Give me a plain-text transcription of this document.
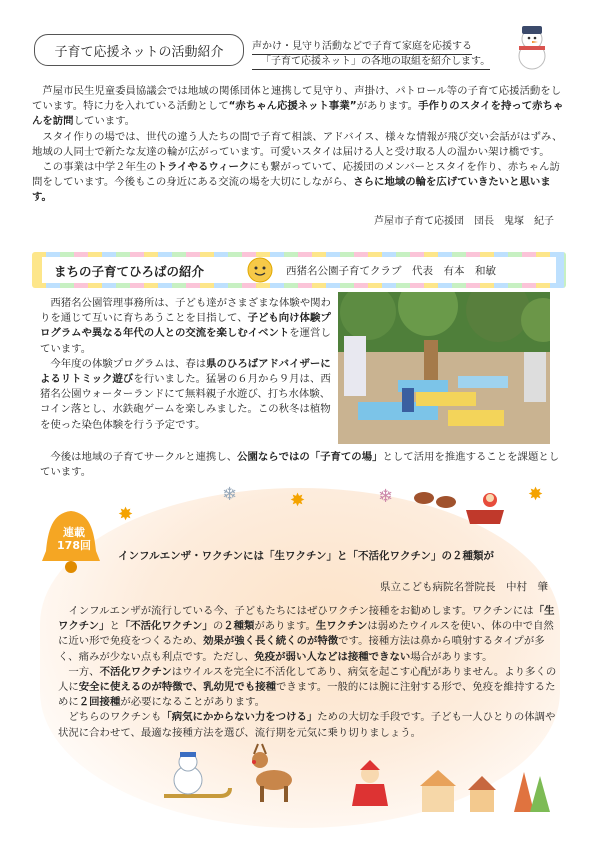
子育て応援ネットの活動紹介	声かけ・見守り活動などで子育て家庭を応援する
「子育て応援ネット」の各地の取組を紹介します。
　芦屋市民生児童委員協議会では地域の関係団体と連携して見守り、声掛け、パトロール等の子育て応援活動をしています。特に力を入れている活動として“赤ちゃん応援ネット事業”があります。手作りのスタイを持って赤ちゃんを訪問しています。
　スタイ作りの場では、世代の違う人たちの間で子育て相談、アドバイス、様々な情報が飛び交い会話がはずみ、地域の人同士で新たな友達の輪が広がっています。可愛いスタイは届ける人と受け取る人の温かい架け橋です。
　この事業は中学２年生のトライやるウィークにも繋がっていて、応援団のメンバーとスタイを作り、赤ちゃん訪問をしています。今後もこの身近にある交流の場を大切にしながら、さらに地域の輪を広げていきたいと思います。
芦屋市子育て応援団　団長　鬼塚　紀子
まちの子育てひろばの紹介	西猪名公園子育てクラブ　代表　有本　和敏
　西猪名公園管理事務所は、子ども達がさまざまな体験や関わりを通じて互いに育ちあうことを目指して、子ども向け体験プログラムや異なる年代の人との交流を楽しむイベントを運営しています。
　今年度の体験プログラムは、春は県のひろばアドバイザーによるリトミック遊びを行いました。猛暑の６月から９月は、西猪名公園ウォーターランドにて無料親子水遊び、打ち水体験、コイン落とし、水鉄砲ゲームを楽しみました。この秋冬は植物を使った染色体験を行う予定です。
　今後は地域の子育てサークルと連携し、公園ならではの「子育ての場」として活用を推進することを課題としています。
✸
❄	✸	❄	✸
連載
178回
インフルエンザ・ワクチンには「生ワクチン」と「不活化ワクチン」の２種類が
県立こども病院名誉院長　中村　肇
　インフルエンザが流行している今、子どもたちにはぜひワクチン接種をお勧めします。ワクチンには「生ワクチン」と「不活化ワクチン」の２種類があります。生ワクチンは弱めたウイルスを使い、体の中で自然に近い形で免疫をつくるため、効果が強く長く続くのが特徴です。接種方法は鼻から噴射するタイプが多く、痛みが少ない点も利点です。ただし、免疫が弱い人などは接種できない場合があります。
　一方、不活化ワクチンはウイルスを完全に不活化してあり、病気を起こす心配がありません。より多くの人に安全に使えるのが特徴で、乳幼児でも接種できます。一般的には腕に注射する形で、免疫を維持するために２回接種が必要になることがあります。
　どちらのワクチンも「病気にかからない力をつける」ための大切な手段です。子ども一人ひとりの体調や状況に合わせて、最適な接種方法を選び、流行期を元気に乗り切りましょう。
